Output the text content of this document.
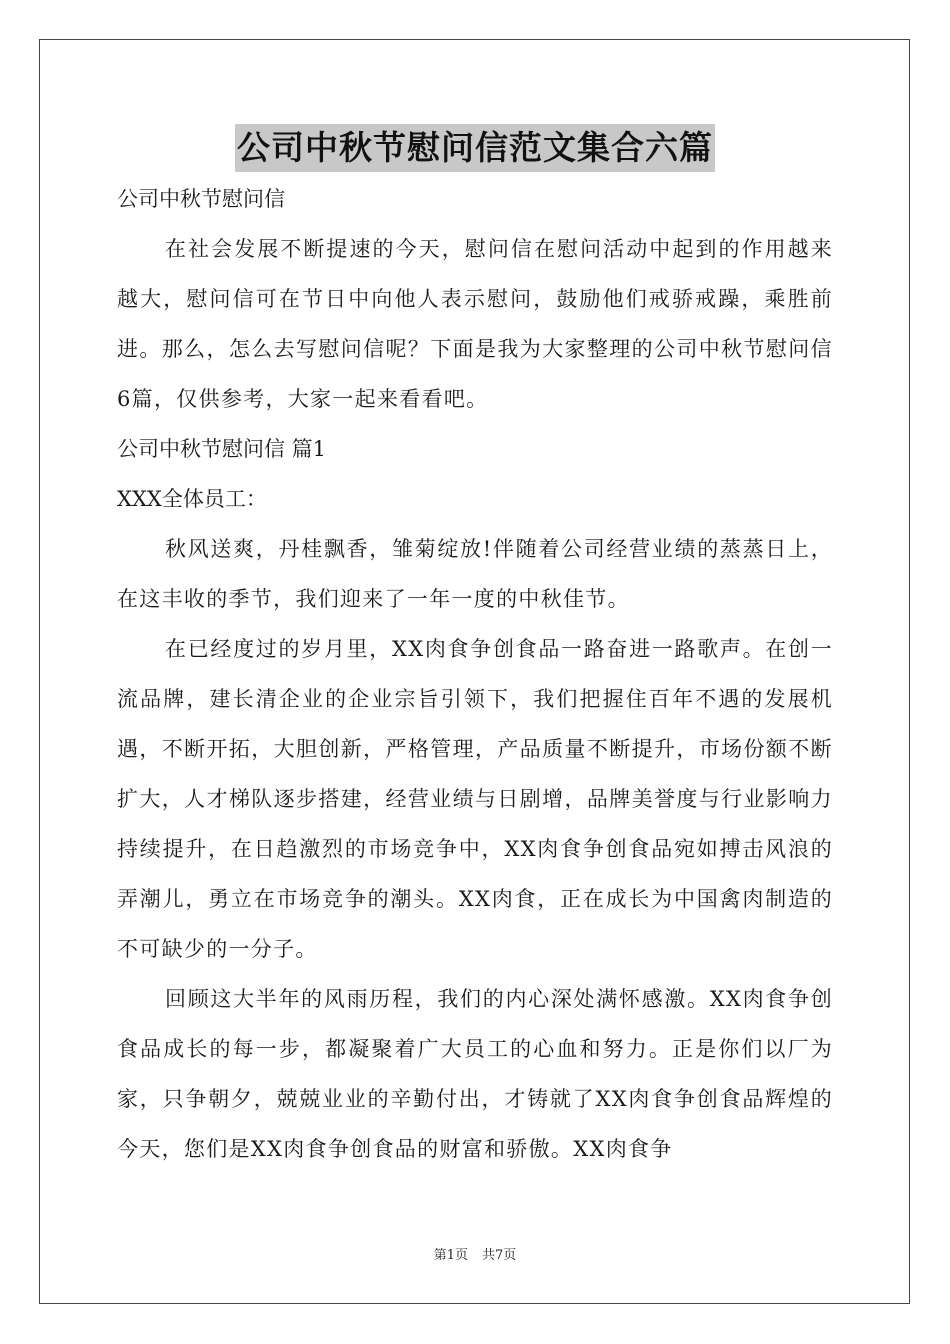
公司中秋节慰问信范文集合六篇

公司中秋节慰问信

在社会发展不断提速的今天，慰问信在慰问活动中起到的作用越来越大，慰问信可在节日中向他人表示慰问，鼓励他们戒骄戒躁，乘胜前进。那么，怎么去写慰问信呢？下面是我为大家整理的公司中秋节慰问信6篇，仅供参考，大家一起来看看吧。

公司中秋节慰问信 篇1

XXX全体员工：

秋风送爽，丹桂飘香，雏菊绽放!伴随着公司经营业绩的蒸蒸日上，在这丰收的季节，我们迎来了一年一度的中秋佳节。

在已经度过的岁月里，XX肉食争创食品一路奋进一路歌声。在创一流品牌，建长清企业的企业宗旨引领下，我们把握住百年不遇的发展机遇，不断开拓，大胆创新，严格管理，产品质量不断提升，市场份额不断扩大，人才梯队逐步搭建，经营业绩与日剧增，品牌美誉度与行业影响力持续提升，在日趋激烈的市场竞争中，XX肉食争创食品宛如搏击风浪的弄潮儿，勇立在市场竞争的潮头。XX肉食，正在成长为中国禽肉制造的不可缺少的一分子。

回顾这大半年的风雨历程，我们的内心深处满怀感激。XX肉食争创食品成长的每一步，都凝聚着广大员工的心血和努力。正是你们以厂为家，只争朝夕，兢兢业业的辛勤付出，才铸就了XX肉食争创食品辉煌的今天，您们是XX肉食争创食品的财富和骄傲。XX肉食争

第1页 共7页
